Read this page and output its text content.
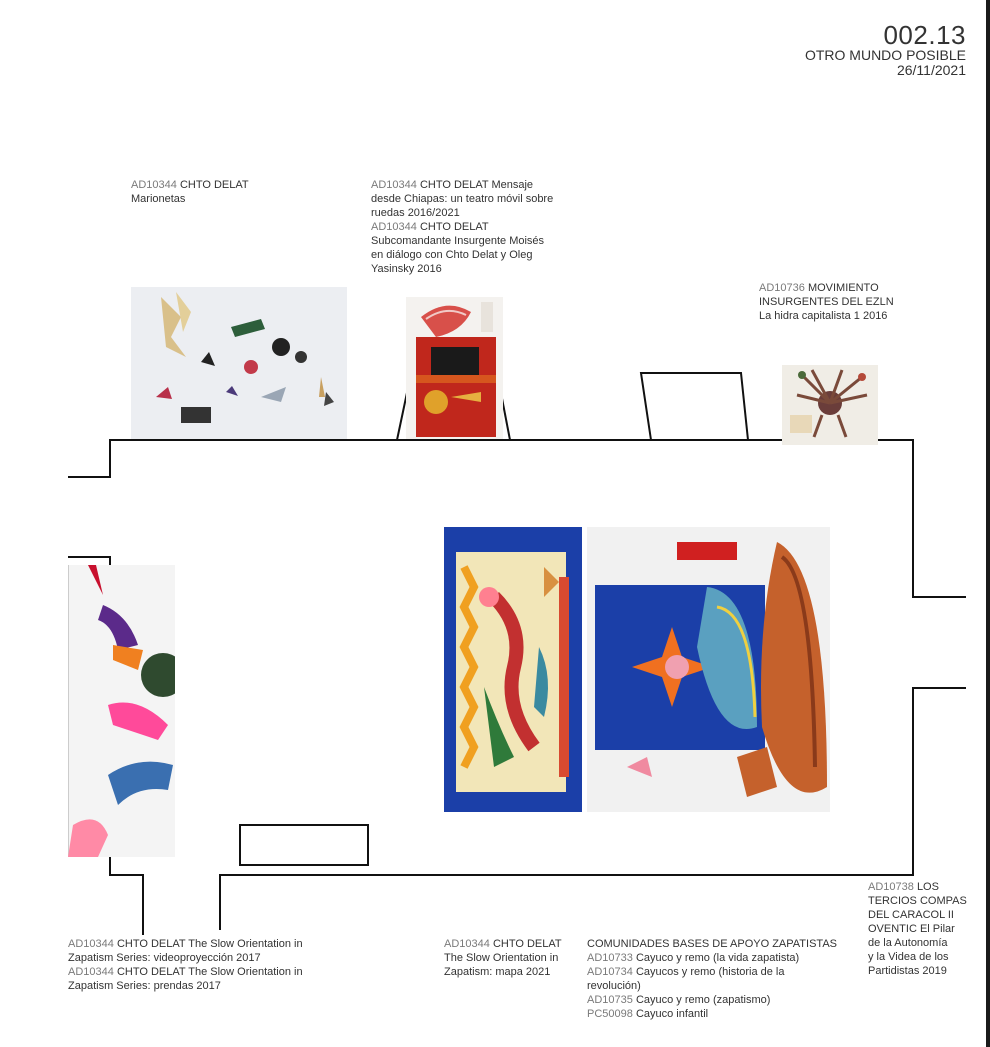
002.13
OTRO MUNDO POSIBLE
26/11/2021
AD10344 CHTO DELAT
Marionetas
AD10344 CHTO DELAT Mensaje
desde Chiapas: un teatro móvil sobre
ruedas 2016/2021
AD10344 CHTO DELAT
Subcomandante Insurgente Moisés
en diálogo con Chto Delat y Oleg
Yasinsky 2016
AD10736 MOVIMIENTO
INSURGENTES DEL EZLN
La hidra capitalista 1 2016
AD10738 LOS
TERCIOS COMPAS
DEL CARACOL II
OVENTIC El Pilar
de la Autonomía
y la Videa de los
Partidistas 2019
AD10344 CHTO DELAT The Slow Orientation in
Zapatism Series: videoproyección 2017
AD10344 CHTO DELAT The Slow Orientation in
Zapatism Series: prendas 2017
AD10344 CHTO DELAT
The Slow Orientation in
Zapatism: mapa 2021
COMUNIDADES BASES DE APOYO ZAPATISTAS
AD10733 Cayuco y remo (la vida zapatista)
AD10734 Cayucos y remo (historia de la
revolución)
AD10735 Cayuco y remo (zapatismo)
PC50098 Cayuco infantil
